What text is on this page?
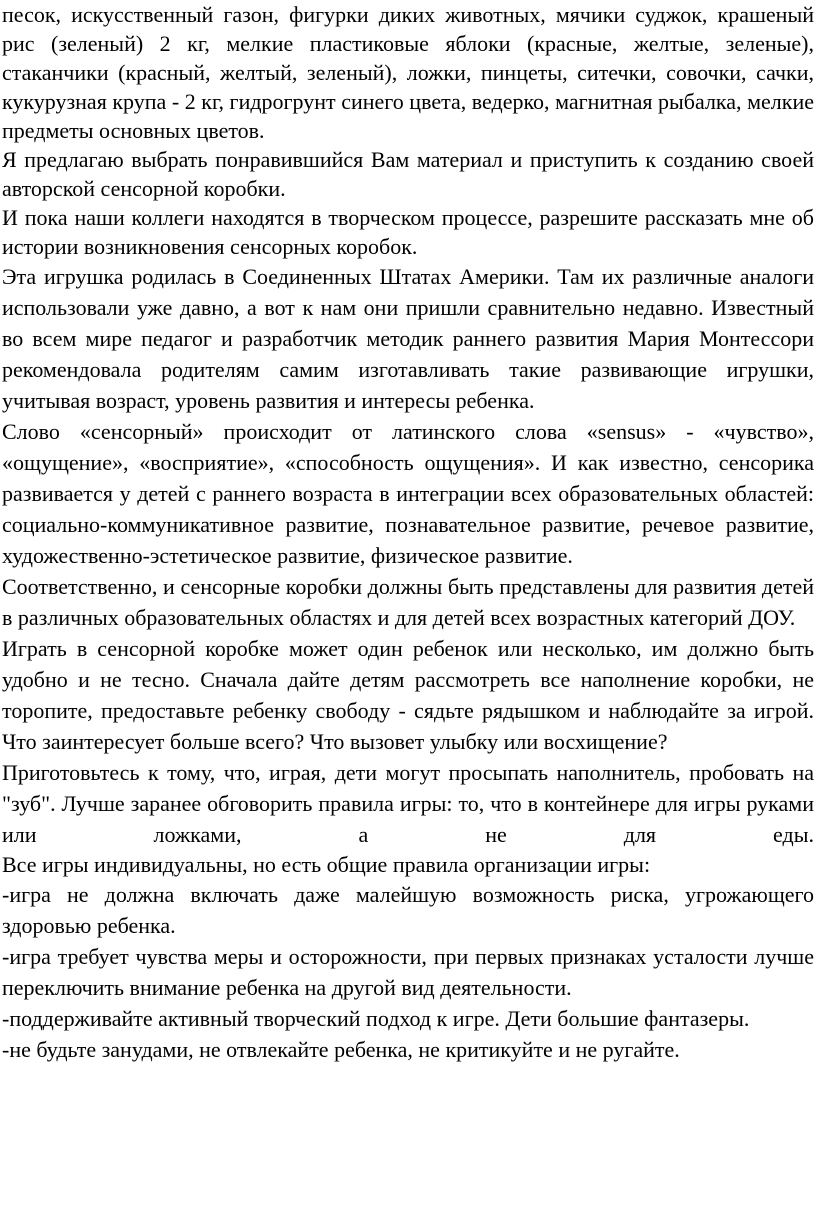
песок, искусственный газон, фигурки диких животных, мячики суджок, крашеный рис (зеленый) 2 кг, мелкие пластиковые яблоки (красные, желтые, зеленые), стаканчики (красный, желтый, зеленый), ложки, пинцеты, ситечки, совочки, сачки, кукурузная крупа - 2 кг, гидрогрунт синего цвета, ведерко, магнитная рыбалка, мелкие предметы основных цветов.

Я предлагаю выбрать понравившийся Вам материал и приступить к созданию своей авторской сенсорной коробки.

И пока наши коллеги находятся в творческом процессе, разрешите рассказать мне об истории возникновения сенсорных коробок.

Эта игрушка родилась в Соединенных Штатах Америки. Там их различные аналоги использовали уже давно, а вот к нам они пришли сравнительно недавно. Известный во всем мире педагог и разработчик методик раннего развития Мария Монтессори рекомендовала родителям самим изготавливать такие развивающие игрушки, учитывая возраст, уровень развития и интересы ребенка.

Слово «сенсорный» происходит от латинского слова «sensus» - «чувство», «ощущение», «восприятие», «способность ощущения». И как известно, сенсорика развивается у детей с раннего возраста в интеграции всех образовательных областей: социально-коммуникативное развитие, познавательное развитие, речевое развитие, художественно-эстетическое развитие, физическое развитие.

Соответственно, и сенсорные коробки должны быть представлены для развития детей в различных образовательных областях и для детей всех возрастных категорий ДОУ.

Играть в сенсорной коробке может один ребенок или несколько, им должно быть удобно и не тесно. Сначала дайте детям рассмотреть все наполнение коробки, не торопите, предоставьте ребенку свободу - сядьте рядышком и наблюдайте за игрой. Что заинтересует больше всего? Что вызовет улыбку или восхищение?

Приготовьтесь к тому, что, играя, дети могут просыпать наполнитель, пробовать на "зуб". Лучше заранее обговорить правила игры: то, что в контейнере для игры руками или ложками, а не для еды.

Все игры индивидуальны, но есть общие правила организации игры:

-игра не должна включать даже малейшую возможность риска, угрожающего здоровью ребенка.

-игра требует чувства меры и осторожности, при первых признаках усталости лучше переключить внимание ребенка на другой вид деятельности.

-поддерживайте активный творческий подход к игре. Дети большие фантазеры.

-не будьте занудами, не отвлекайте ребенка, не критикуйте и не ругайте.
